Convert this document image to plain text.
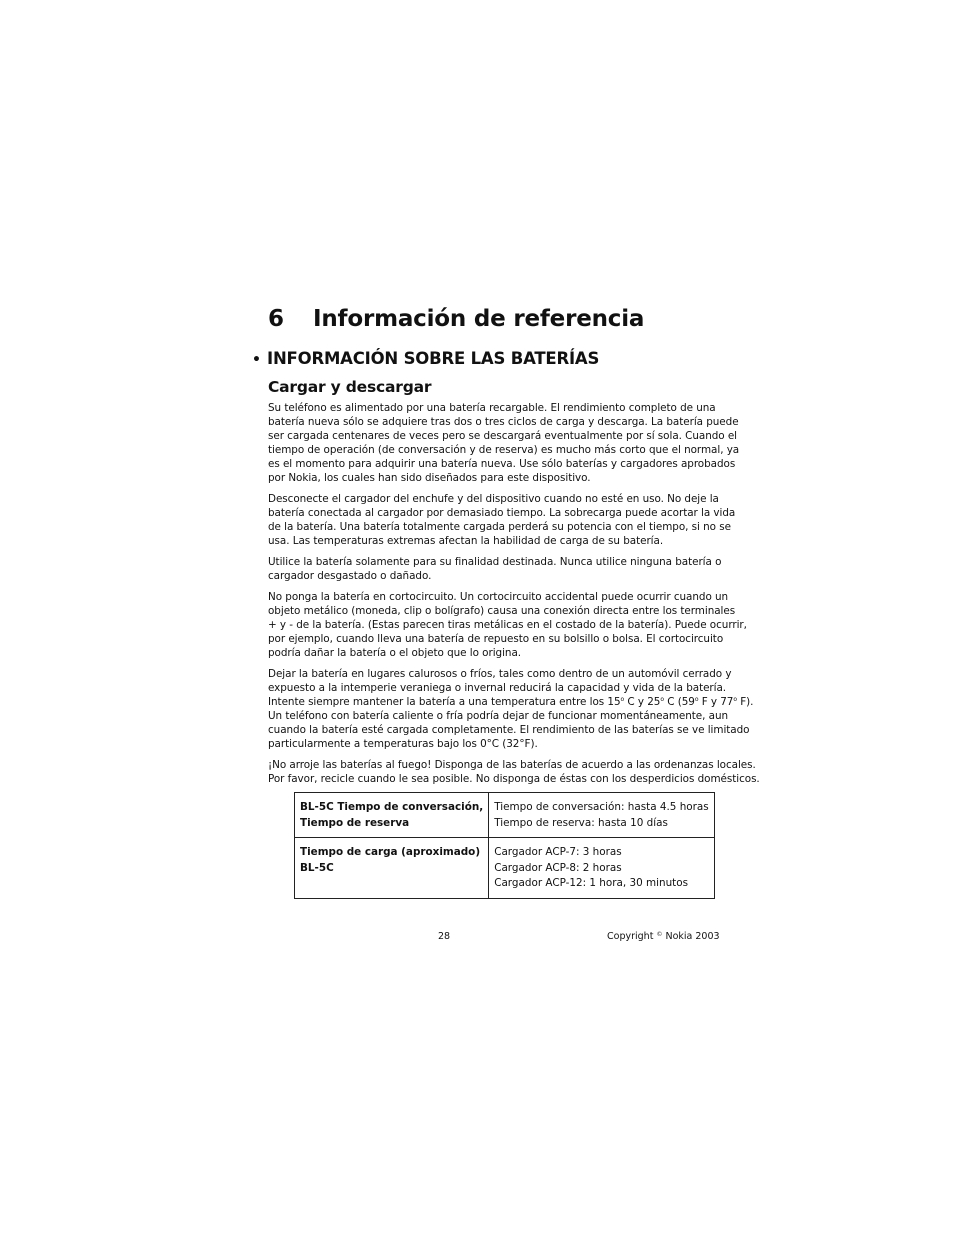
6	Información de referencia
• INFORMACIÓN SOBRE LAS BATERÍAS
Cargar y descargar

Su teléfono es alimentado por una batería recargable. El rendimiento completo de una
batería nueva sólo se adquiere tras dos o tres ciclos de carga y descarga. La batería puede
ser cargada centenares de veces pero se descargará eventualmente por sí sola. Cuando el
tiempo de operación (de conversación y de reserva) es mucho más corto que el normal, ya
es el momento para adquirir una batería nueva. Use sólo baterías y cargadores aprobados
por Nokia, los cuales han sido diseñados para este dispositivo.

Desconecte el cargador del enchufe y del dispositivo cuando no esté en uso. No deje la
batería conectada al cargador por demasiado tiempo. La sobrecarga puede acortar la vida
de la batería. Una batería totalmente cargada perderá su potencia con el tiempo, si no se
usa. Las temperaturas extremas afectan la habilidad de carga de su batería.

Utilice la batería solamente para su finalidad destinada. Nunca utilice ninguna batería o
cargador desgastado o dañado.

No ponga la batería en cortocircuito. Un cortocircuito accidental puede ocurrir cuando un
objeto metálico (moneda, clip o bolígrafo) causa una conexión directa entre los terminales
+ y - de la batería. (Estas parecen tiras metálicas en el costado de la batería). Puede ocurrir,
por ejemplo, cuando lleva una batería de repuesto en su bolsillo o bolsa. El cortocircuito
podría dañar la batería o el objeto que lo origina.

Dejar la batería en lugares calurosos o fríos, tales como dentro de un automóvil cerrado y
expuesto a la intemperie veraniega o invernal reducirá la capacidad y vida de la batería.
Intente siempre mantener la batería a una temperatura entre los 15$^o$ C y 25$^o$ C (59$^o$ F y 77$^o$ F).
Un teléfono con batería caliente o fría podría dejar de funcionar momentáneamente, aun
cuando la batería esté cargada completamente. El rendimiento de las baterías se ve limitado
particularmente a temperaturas bajo los 0°C (32°F).

¡No arroje las baterías al fuego! Disponga de las baterías de acuerdo a las ordenanzas locales.
Por favor, recicle cuando le sea posible. No disponga de éstas con los desperdicios domésticos.

BL-5C Tiempo de conversación,
Tiempo de reserva	Tiempo de conversación: hasta 4.5 horas
Tiempo de reserva: hasta 10 días

Tiempo de carga (aproximado)
BL-5C	Cargador ACP-7: 3 horas
Cargador ACP-8: 2 horas
Cargador ACP-12: 1 hora, 30 minutos
28	Copyright © Nokia 2003
